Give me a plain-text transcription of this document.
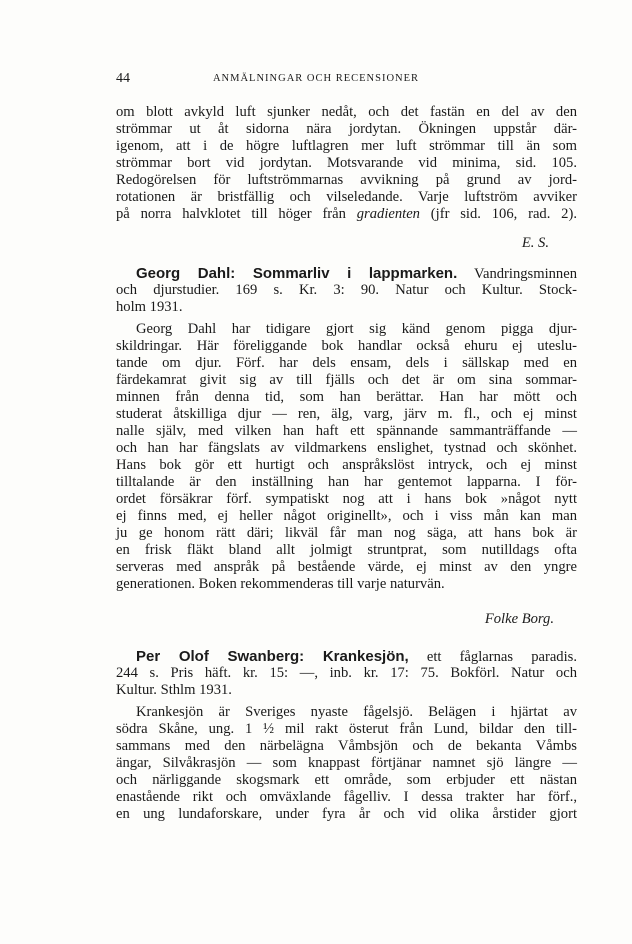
44	ANMÄLNINGAR OCH RECENSIONER
om blott avkyld luft sjunker nedåt, och det fastän en del av den
strömmar ut åt sidorna nära jordytan. Ökningen uppstår där-
igenom, att i de högre luftlagren mer luft strömmar till än som
strömmar bort vid jordytan. Motsvarande vid minima, sid. 105.
Redogörelsen för luftströmmarnas avvikning på grund av jord-
rotationen är bristfällig och vilseledande. Varje luftström avviker
på norra halvklotet till höger från gradienten (jfr sid. 106, rad. 2).
E. S.
Georg Dahl: Sommarliv i lappmarken. Vandringsminnen
och djurstudier. 169 s. Kr. 3: 90. Natur och Kultur. Stock-
holm 1931.
Georg Dahl har tidigare gjort sig känd genom pigga djur-
skildringar. Här föreliggande bok handlar också ehuru ej uteslu-
tande om djur. Förf. har dels ensam, dels i sällskap med en
färdekamrat givit sig av till fjälls och det är om sina sommar-
minnen från denna tid, som han berättar. Han har mött och
studerat åtskilliga djur — ren, älg, varg, järv m. fl., och ej minst
nalle själv, med vilken han haft ett spännande sammanträffande —
och han har fängslats av vildmarkens enslighet, tystnad och skönhet.
Hans bok gör ett hurtigt och anspråkslöst intryck, och ej minst
tilltalande är den inställning han har gentemot lapparna. I för-
ordet försäkrar förf. sympatiskt nog att i hans bok »något nytt
ej finns med, ej heller något originellt», och i viss mån kan man
ju ge honom rätt däri; likväl får man nog säga, att hans bok är
en frisk fläkt bland allt jolmigt struntprat, som nutilldags ofta
serveras med anspråk på bestående värde, ej minst av den yngre
generationen. Boken rekommenderas till varje naturvän.
Folke Borg.
Per Olof Swanberg: Krankesjön, ett fåglarnas paradis.
244 s. Pris häft. kr. 15: —, inb. kr. 17: 75. Bokförl. Natur och
Kultur. Sthlm 1931.
Krankesjön är Sveriges nyaste fågelsjö. Belägen i hjärtat av
södra Skåne, ung. 1 ½ mil rakt österut från Lund, bildar den till-
sammans med den närbelägna Våmbsjön och de bekanta Våmbs
ängar, Silvåkrasjön — som knappast förtjänar namnet sjö längre —
och närliggande skogsmark ett område, som erbjuder ett nästan
enastående rikt och omväxlande fågelliv. I dessa trakter har förf.,
en ung lundaforskare, under fyra år och vid olika årstider gjort
